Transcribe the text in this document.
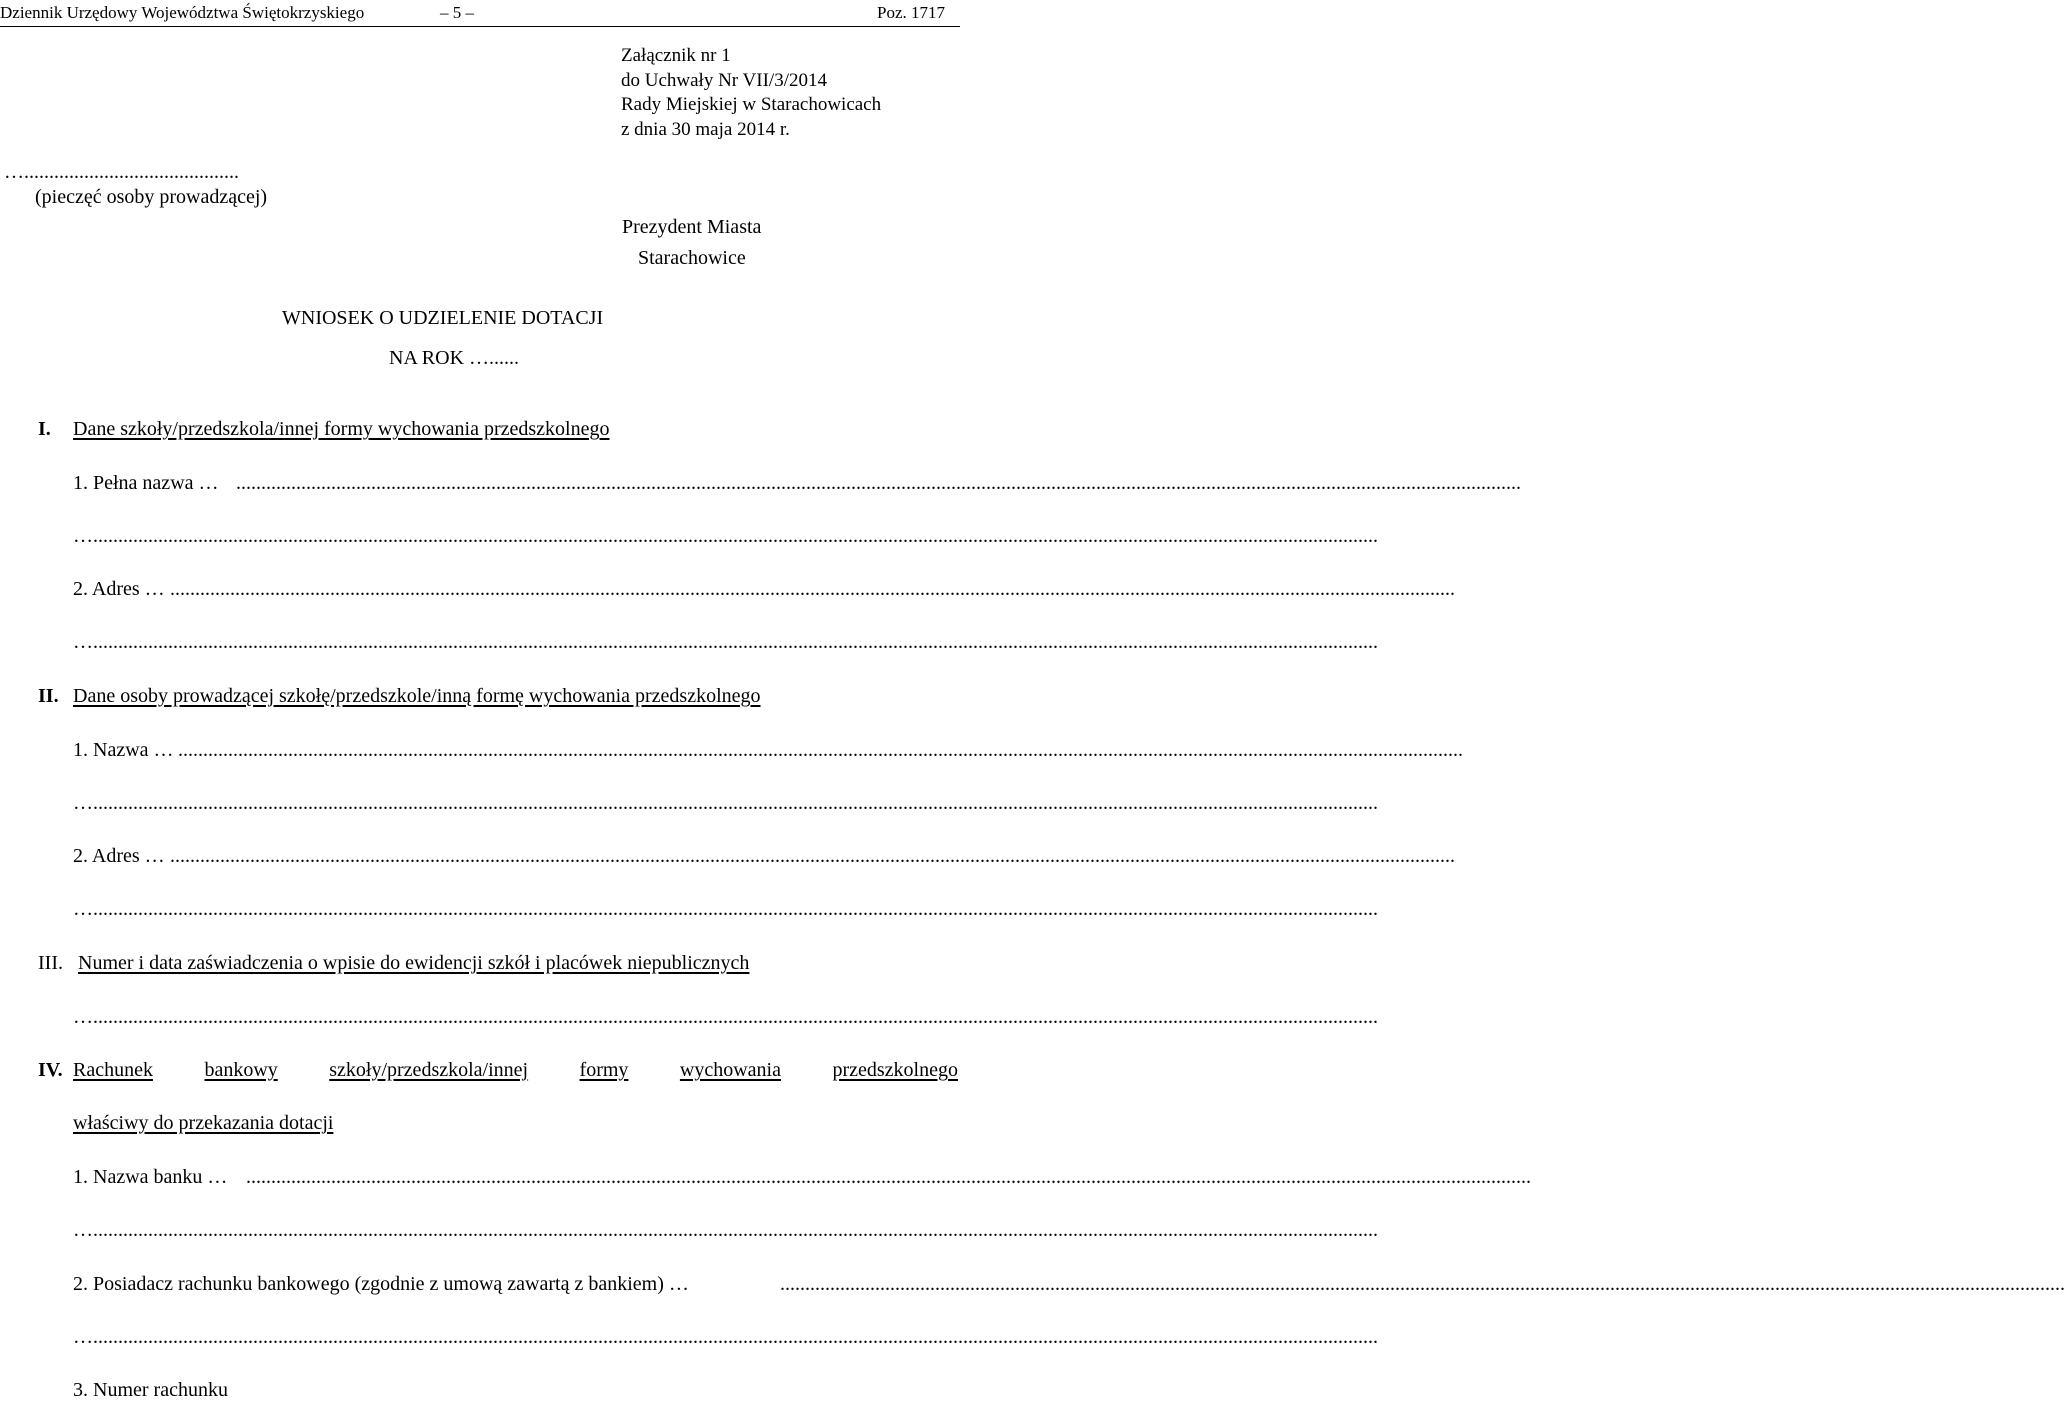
Dziennik Urzędowy Województwa Świętokrzyskiego	– 5 –	Poz. 1717
Załącznik nr 1
do Uchwały Nr VII/3/2014
Rady Miejskiej w Starachowicach
z dnia 30 maja 2014 r.
…...........................................
(pieczęć osoby prowadzącej)
Prezydent Miasta
Starachowice
WNIOSEK O UDZIELENIE DOTACJI
NA ROK …......
I. Dane szkoły/przedszkola/innej formy wychowania przedszkolnego
1. Pełna nazwa … .................................................................................................................................................................................................................................................................
… .................................................................................................................................................................................................................................................................
2. Adres … .................................................................................................................................................................................................................................................................
… .................................................................................................................................................................................................................................................................
II. Dane osoby prowadzącej szkołę/przedszkole/inną formę wychowania przedszkolnego
1. Nazwa … .................................................................................................................................................................................................................................................................
… .................................................................................................................................................................................................................................................................
2. Adres … .................................................................................................................................................................................................................................................................
… .................................................................................................................................................................................................................................................................
III. Numer i data zaświadczenia o wpisie do ewidencji szkół i placówek niepublicznych
… .................................................................................................................................................................................................................................................................
IV. Rachunek	bankowy	szkoły/przedszkola/innej	formy	wychowania	przedszkolnego
właściwy do przekazania dotacji
1. Nazwa banku … .................................................................................................................................................................................................................................................................
… .................................................................................................................................................................................................................................................................
2. Posiadacz rachunku bankowego (zgodnie z umową zawartą z bankiem) …	.................................................................................................................................................................................................................................................................
… .................................................................................................................................................................................................................................................................
3. Numer rachunku
